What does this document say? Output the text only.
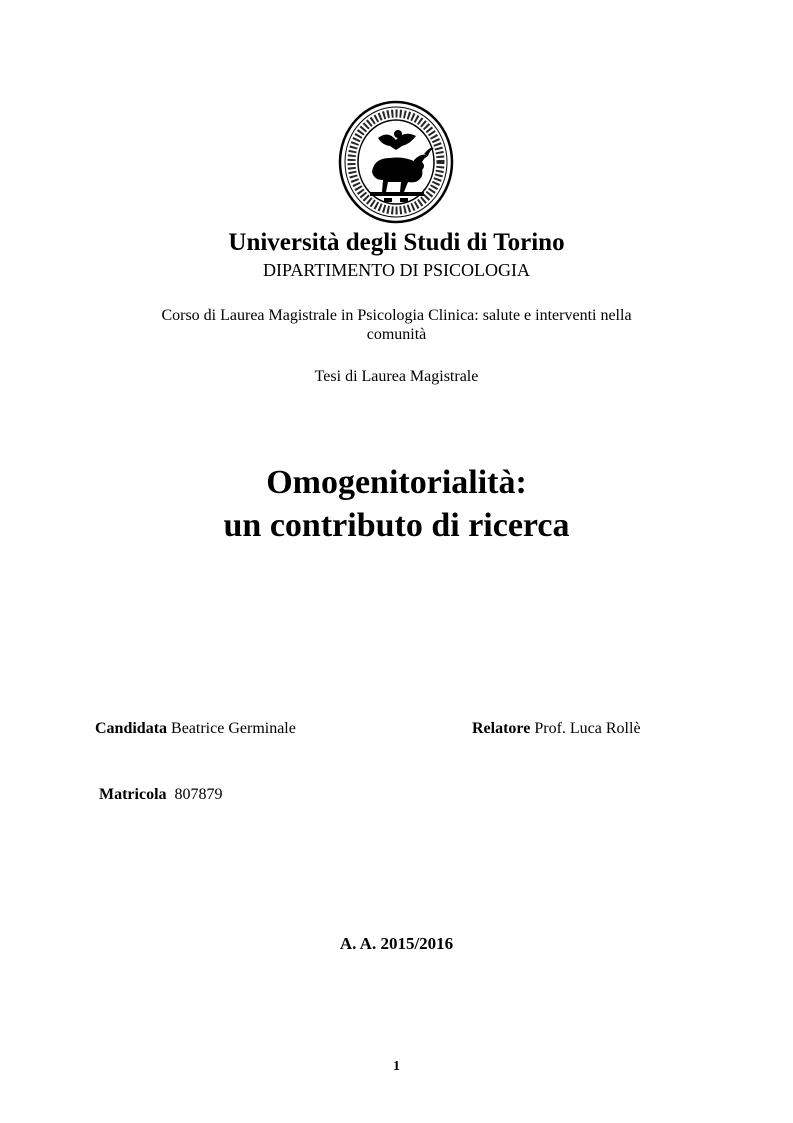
Università degli Studi di Torino
DIPARTIMENTO DI PSICOLOGIA
Corso di Laurea Magistrale in Psicologia Clinica: salute e interventi nella
comunità
Tesi di Laurea Magistrale
Omogenitorialità:
un contributo di ricerca
Candidata Beatrice Germinale	Relatore Prof. Luca Rollè
Matricola 807879
A. A. 2015/2016
1
